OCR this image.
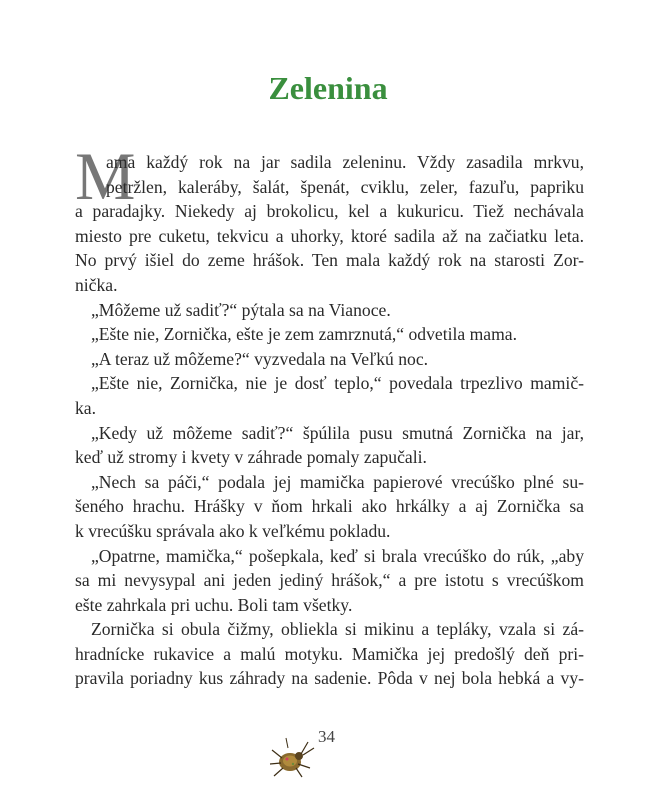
Zelenina
M
ama každý rok na jar sadila zeleninu. Vždy zasadila mrkvu,
petržlen, kaleráby, šalát, špenát, cviklu, zeler, fazuľu, papriku
a paradajky. Niekedy aj brokolicu, kel a kukuricu. Tiež nechávala
miesto pre cuketu, tekvicu a uhorky, ktoré sadila až na začiatku leta.
No prvý išiel do zeme hrášok. Ten mala každý rok na starosti Zor-
nička.
„Môžeme už sadiť?“ pýtala sa na Vianoce.
„Ešte nie, Zornička, ešte je zem zamrznutá,“ odvetila mama.
„A teraz už môžeme?“ vyzvedala na Veľkú noc.
„Ešte nie, Zornička, nie je dosť teplo,“ povedala trpezlivo mamič-
ka.
„Kedy už môžeme sadiť?“ špúlila pusu smutná Zornička na jar,
keď už stromy i kvety v záhrade pomaly zapučali.
„Nech sa páči,“ podala jej mamička papierové vrecúško plné su-
šeného hrachu. Hrášky v ňom hrkali ako hrkálky a aj Zornička sa
k vrecúšku správala ako k veľkému pokladu.
„Opatrne, mamička,“ pošepkala, keď si brala vrecúško do rúk, „aby
sa mi nevysypal ani jeden jediný hrášok,“ a pre istotu s vrecúškom
ešte zahrkala pri uchu. Boli tam všetky.
Zornička si obula čižmy, obliekla si mikinu a tepláky, vzala si zá-
hradnícke rukavice a malú motyku. Mamička jej predošlý deň pri-
pravila poriadny kus záhrady na sadenie. Pôda v nej bola hebká a vy-
34
